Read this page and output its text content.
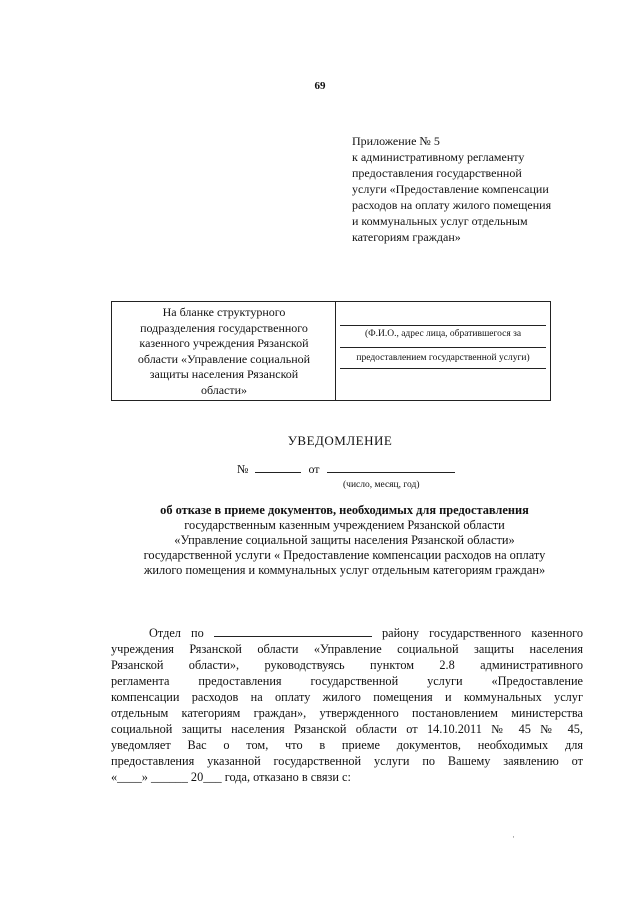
69
Приложение № 5
к административному регламенту
предоставления государственной
услуги «Предоставление компенсации
расходов на оплату жилого помещения
и коммунальных услуг отдельным
категориям граждан»
На бланке структурного
подразделения государственного
казенного учреждения Рязанской
области «Управление социальной
защиты населения Рязанской
области»
(Ф.И.О., адрес лица, обратившегося за
предоставлением государственной услуги)
УВЕДОМЛЕНИЕ
№	от
(число, месяц, год)
об отказе в приеме документов, необходимых для предоставления
государственным казенным учреждением Рязанской области
«Управление социальной защиты населения Рязанской области»
государственной услуги « Предоставление компенсации расходов на оплату
жилого помещения и коммунальных услуг отдельным категориям граждан»
Отдел по	району государственного казенного
учреждения Рязанской области «Управление социальной защиты населения
Рязанской области», руководствуясь пунктом 2.8 административного
регламента предоставления государственной услуги «Предоставление
компенсации расходов на оплату жилого помещения и коммунальных услуг
отдельным категориям граждан», утвержденного постановлением министерства
социальной защиты населения Рязанской области от 14.10.2011 № 45 № 45,
уведомляет Вас о том, что в приеме документов, необходимых для
предоставления указанной государственной услуги по Вашему заявлению от
«____» ______ 20___ года, отказано в связи с:
·
